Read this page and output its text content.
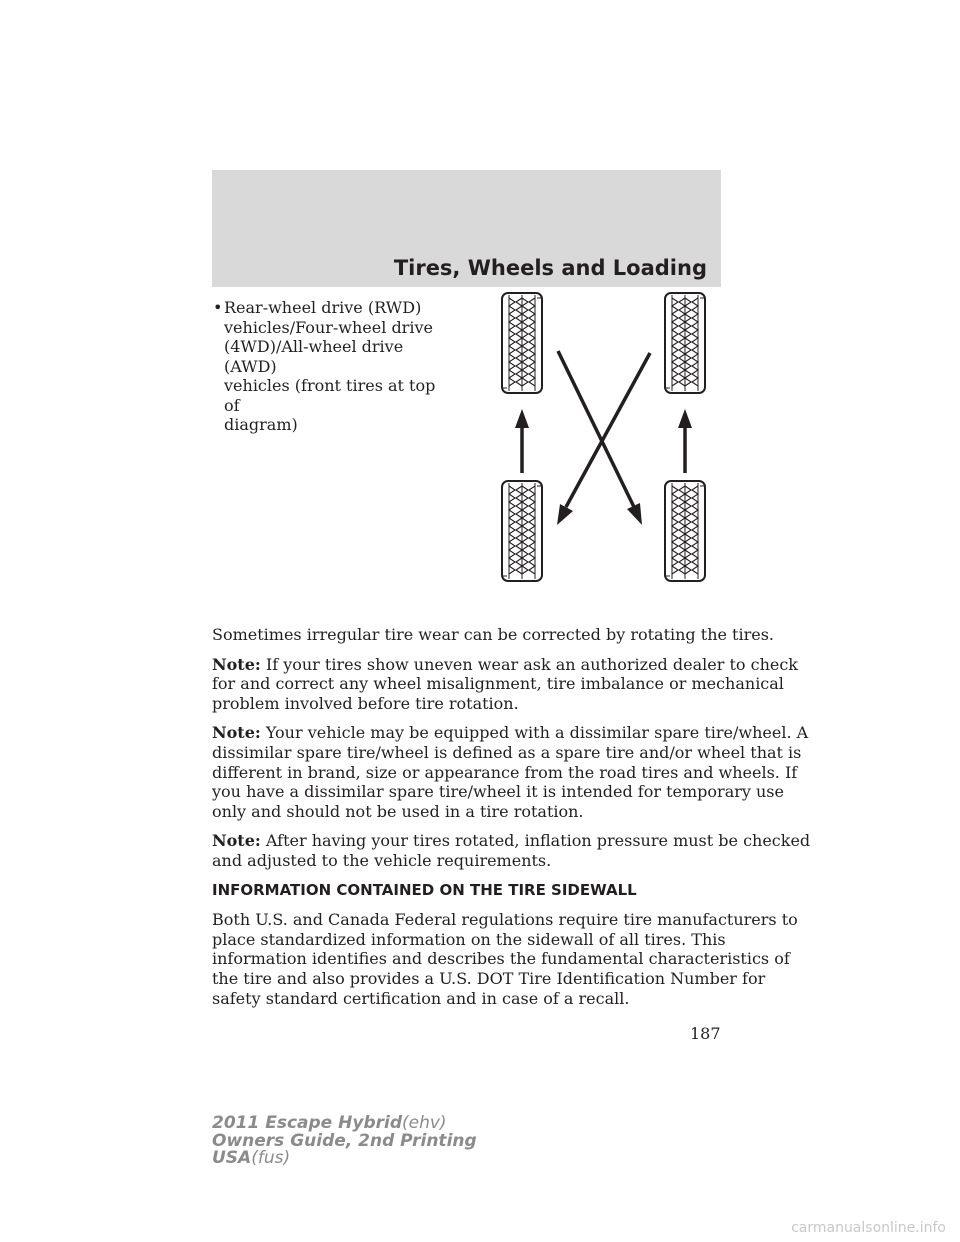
Tires, Wheels and Loading
• Rear-wheel drive (RWD)
vehicles/Four-wheel drive
(4WD)/All-wheel drive (AWD)
vehicles (front tires at top of
diagram)

Sometimes irregular tire wear can be corrected by rotating the tires.

Note: If your tires show uneven wear ask an authorized dealer to check
for and correct any wheel misalignment, tire imbalance or mechanical
problem involved before tire rotation.

Note: Your vehicle may be equipped with a dissimilar spare tire/wheel. A
dissimilar spare tire/wheel is defined as a spare tire and/or wheel that is
different in brand, size or appearance from the road tires and wheels. If
you have a dissimilar spare tire/wheel it is intended for temporary use
only and should not be used in a tire rotation.

Note: After having your tires rotated, inflation pressure must be checked
and adjusted to the vehicle requirements.

INFORMATION CONTAINED ON THE TIRE SIDEWALL

Both U.S. and Canada Federal regulations require tire manufacturers to
place standardized information on the sidewall of all tires. This
information identifies and describes the fundamental characteristics of
the tire and also provides a U.S. DOT Tire Identification Number for
safety standard certification and in case of a recall.

187
2011 Escape Hybrid(ehv)
Owners Guide, 2nd Printing
USA(fus)
carmanualsonline.info
